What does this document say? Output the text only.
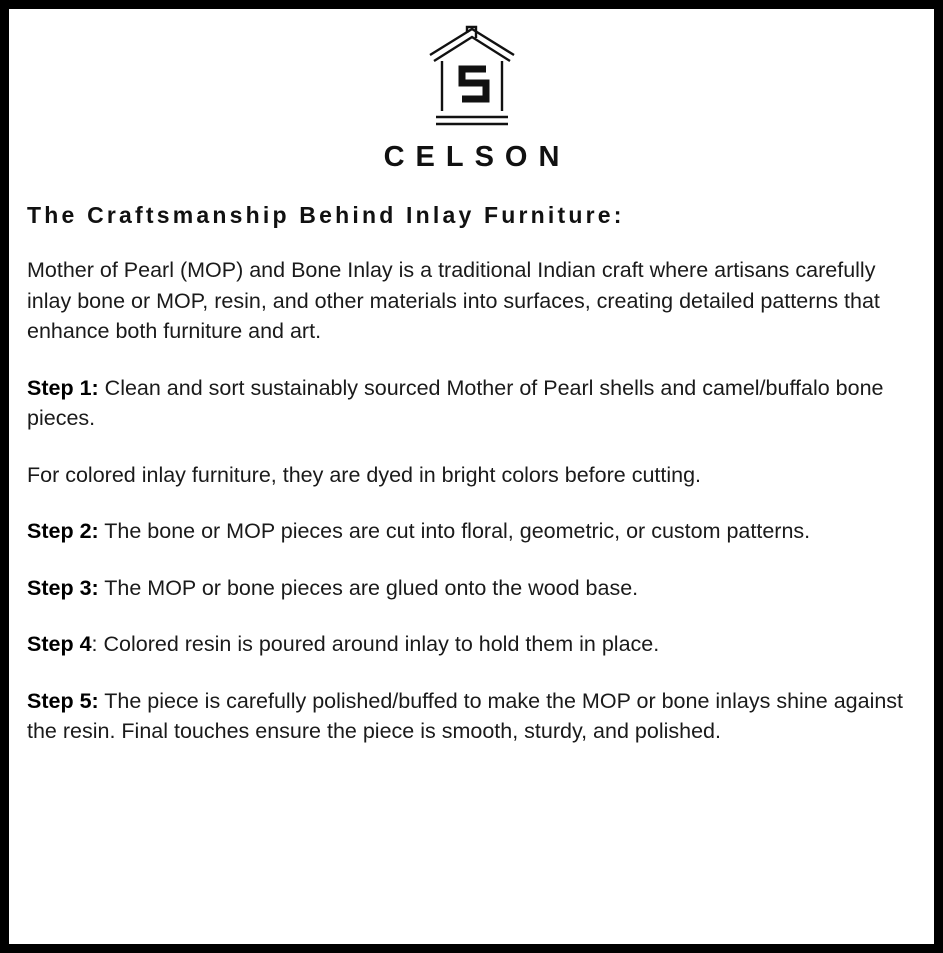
CELSON
The Craftsmanship Behind Inlay Furniture:
Mother of Pearl (MOP) and Bone Inlay is a traditional Indian craft where artisans carefully inlay bone or MOP, resin, and other materials into surfaces, creating detailed patterns that enhance both furniture and art.
Step 1: Clean and sort sustainably sourced Mother of Pearl shells and camel/buffalo bone pieces.
For colored inlay furniture, they are dyed in bright colors before cutting.
Step 2: The bone or MOP pieces are cut into floral, geometric, or custom patterns.
Step 3: The MOP or bone pieces are glued onto the wood base.
Step 4: Colored resin is poured around inlay to hold them in place.
Step 5: The piece is carefully polished/buffed to make the MOP or bone inlays shine against the resin. Final touches ensure the piece is smooth, sturdy, and polished.
